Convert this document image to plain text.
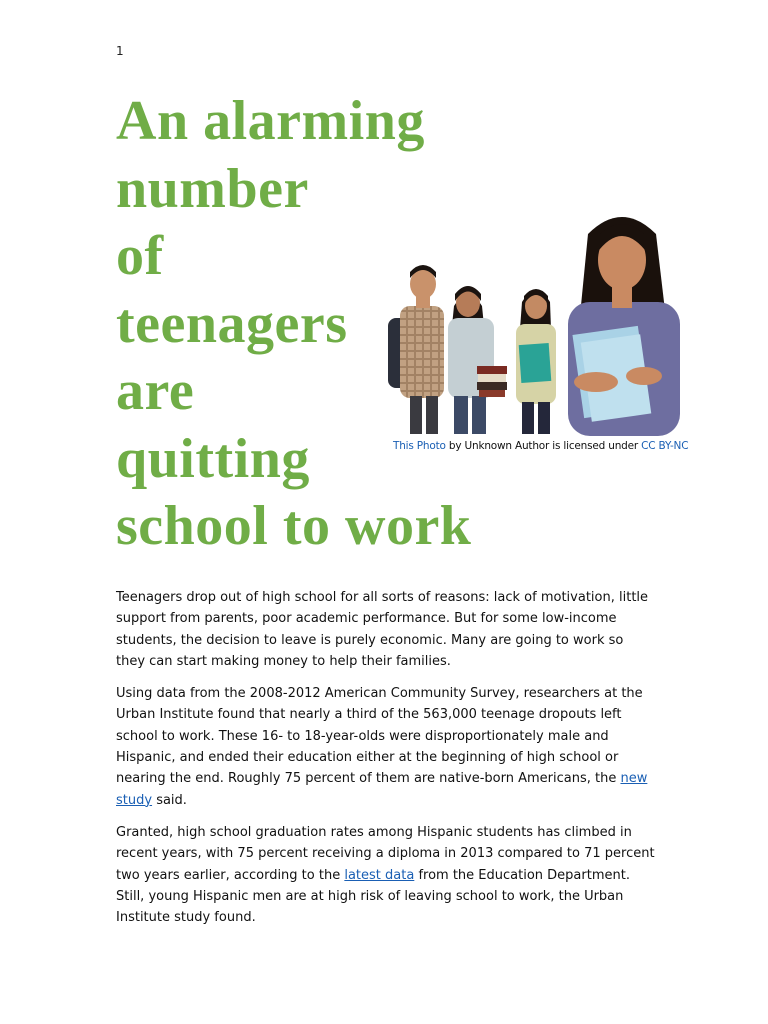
1
An alarming
number
of
teenagers
are
quitting
school to work
This Photo by Unknown Author is licensed under CC BY-NC

Teenagers drop out of high school for all sorts of reasons: lack of motivation, little support from parents, poor academic performance. But for some low-income students, the decision to leave is purely economic. Many are going to work so they can start making money to help their families.

Using data from the 2008-2012 American Community Survey, researchers at the Urban Institute found that nearly a third of the 563,000 teenage dropouts left school to work. These 16- to 18-year-olds were disproportionately male and Hispanic, and ended their education either at the beginning of high school or nearing the end. Roughly 75 percent of them are native-born Americans, the new study said.

Granted, high school graduation rates among Hispanic students has climbed in recent years, with 75 percent receiving a diploma in 2013 compared to 71 percent two years earlier, according to the latest data from the Education Department. Still, young Hispanic men are at high risk of leaving school to work, the Urban Institute study found.
